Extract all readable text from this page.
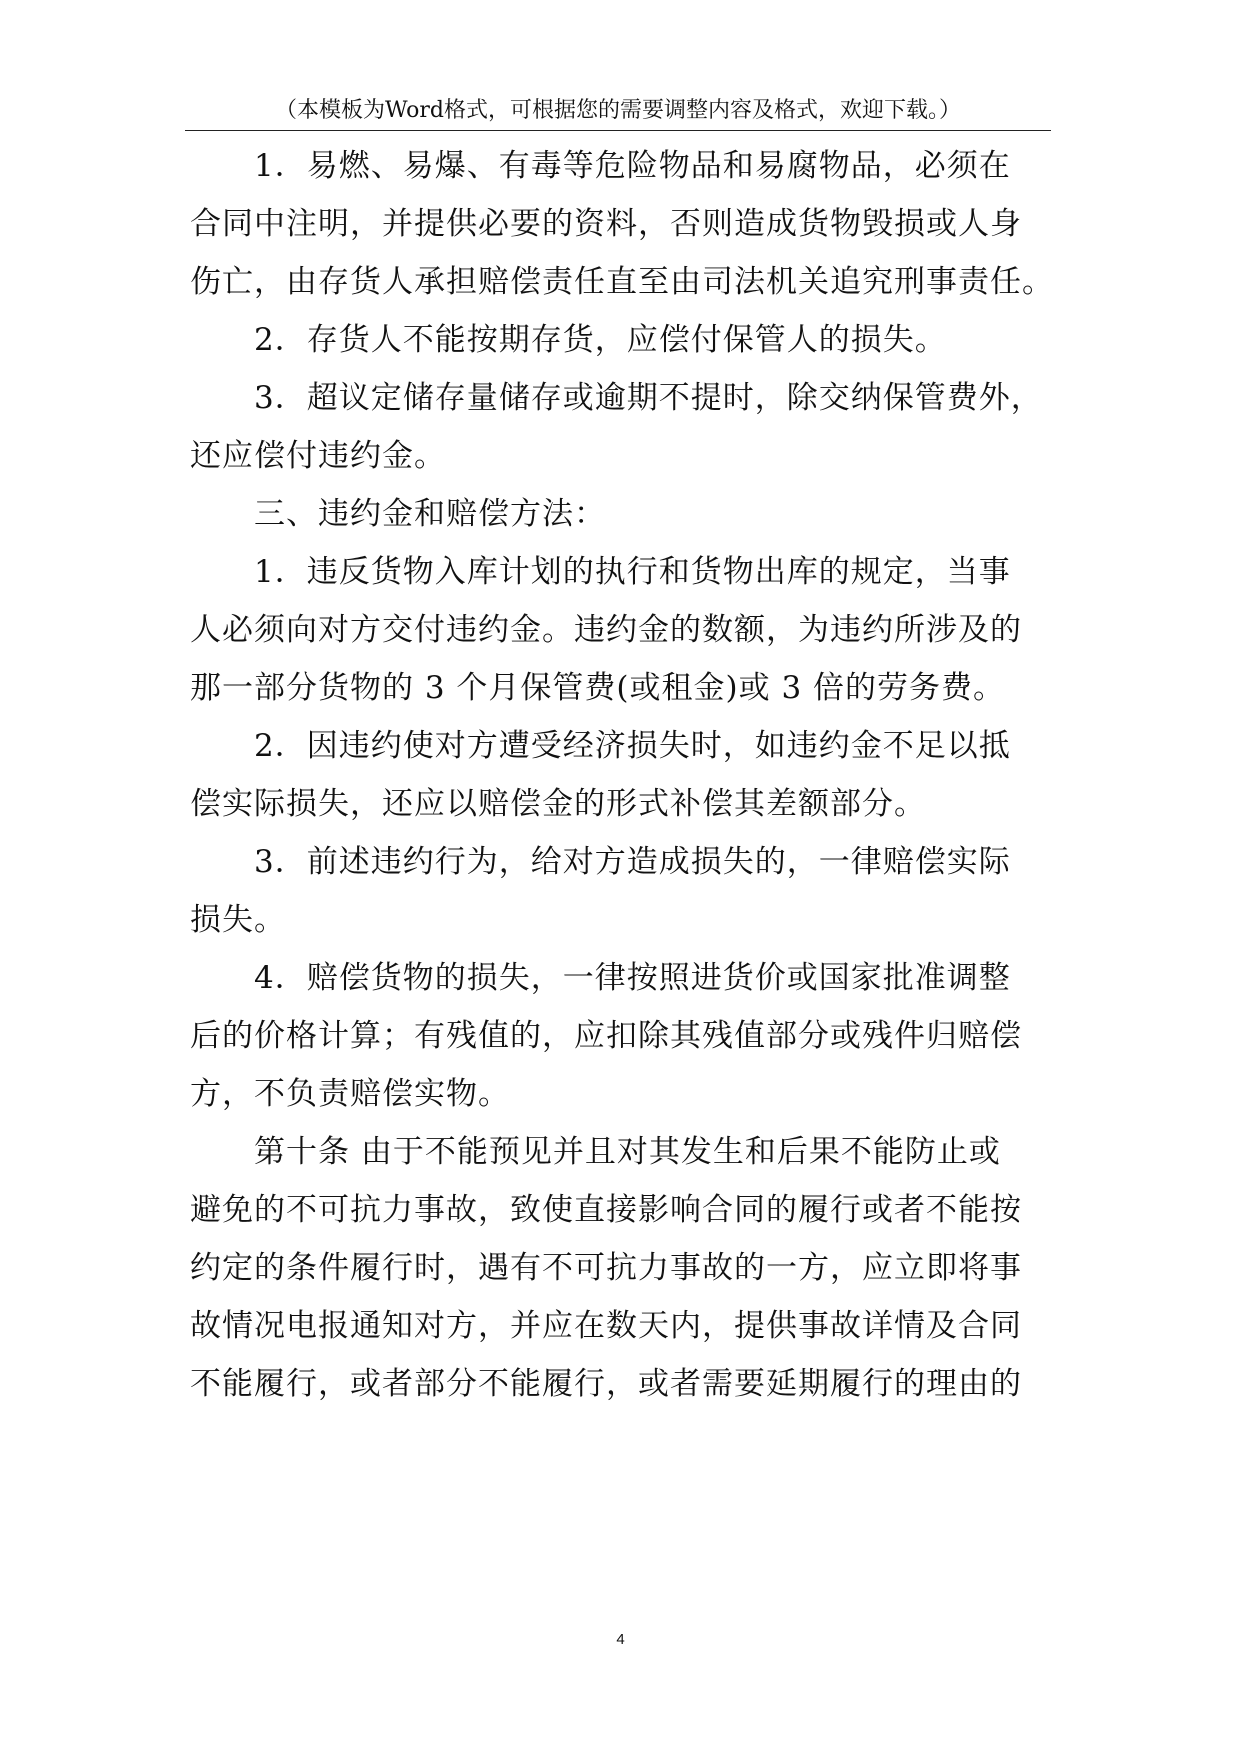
（本模板为Word格式，可根据您的需要调整内容及格式，欢迎下载。）
1．易燃、易爆、有毒等危险物品和易腐物品，必须在
合同中注明，并提供必要的资料，否则造成货物毁损或人身
伤亡，由存货人承担赔偿责任直至由司法机关追究刑事责任。
2．存货人不能按期存货，应偿付保管人的损失。
3．超议定储存量储存或逾期不提时，除交纳保管费外，
还应偿付违约金。
三、违约金和赔偿方法：
1．违反货物入库计划的执行和货物出库的规定，当事
人必须向对方交付违约金。违约金的数额，为违约所涉及的
那一部分货物的 3 个月保管费(或租金)或 3 倍的劳务费。
2．因违约使对方遭受经济损失时，如违约金不足以抵
偿实际损失，还应以赔偿金的形式补偿其差额部分。
3．前述违约行为，给对方造成损失的，一律赔偿实际
损失。
4．赔偿货物的损失，一律按照进货价或国家批准调整
后的价格计算；有残值的，应扣除其残值部分或残件归赔偿
方，不负责赔偿实物。
第十条 由于不能预见并且对其发生和后果不能防止或
避免的不可抗力事故，致使直接影响合同的履行或者不能按
约定的条件履行时，遇有不可抗力事故的一方，应立即将事
故情况电报通知对方，并应在数天内，提供事故详情及合同
不能履行，或者部分不能履行，或者需要延期履行的理由的
4
